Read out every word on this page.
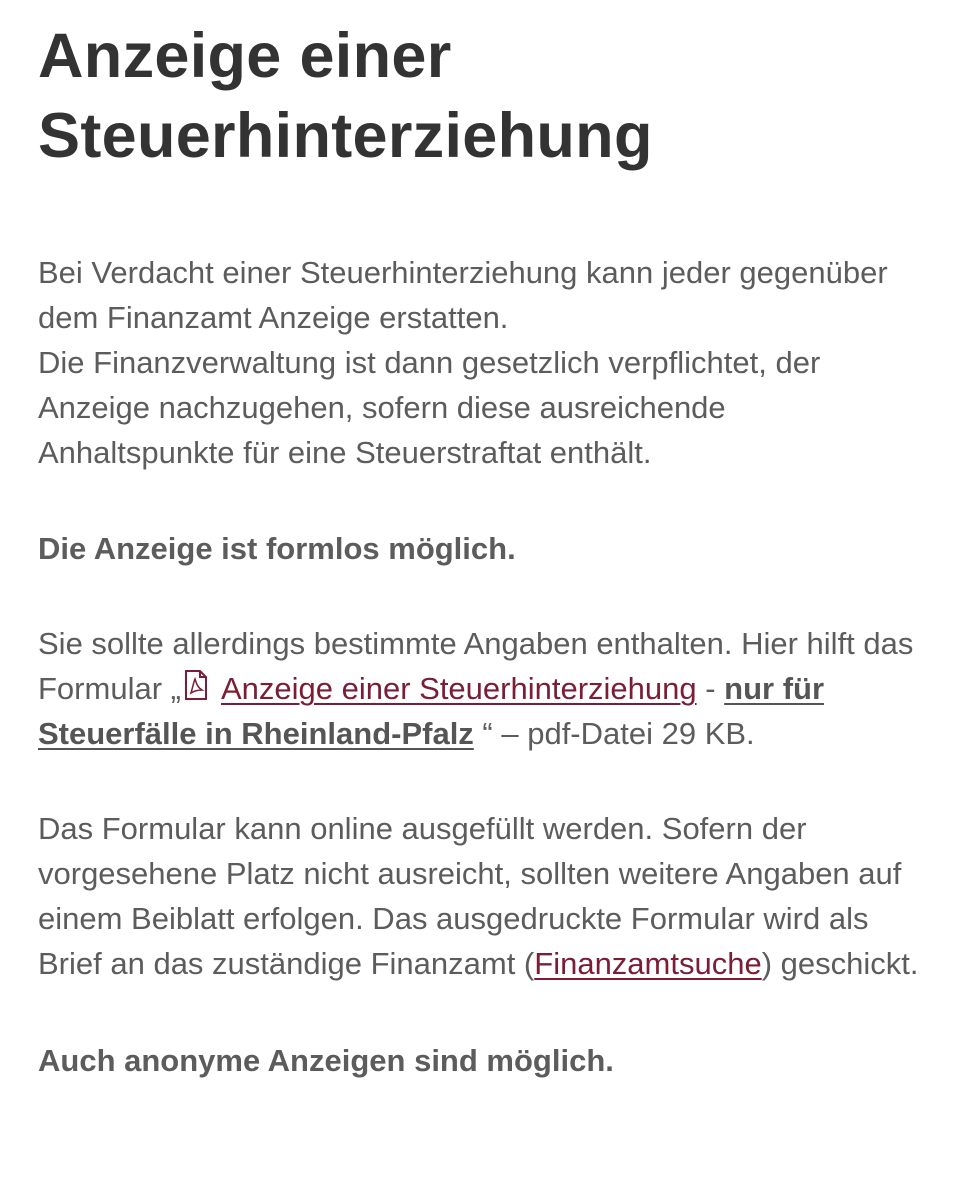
Anzeige einer Steuerhinterziehung

Bei Verdacht einer Steuerhinterziehung kann jeder gegenüber dem Finanzamt Anzeige erstatten.
Die Finanzverwaltung ist dann gesetzlich verpflichtet, der Anzeige nachzugehen, sofern diese ausreichende Anhaltspunkte für eine Steuerstraftat enthält.

Die Anzeige ist formlos möglich.

Sie sollte allerdings bestimmte Angaben enthalten. Hier hilft das Formular „ Anzeige einer Steuerhinterziehung - nur für Steuerfälle in Rheinland-Pfalz “ – pdf-Datei 29 KB.

Das Formular kann online ausgefüllt werden. Sofern der vorgesehene Platz nicht ausreicht, sollten weitere Angaben auf einem Beiblatt erfolgen. Das ausgedruckte Formular wird als Brief an das zuständige Finanzamt (Finanzamtsuche) geschickt.

Auch anonyme Anzeigen sind möglich.
